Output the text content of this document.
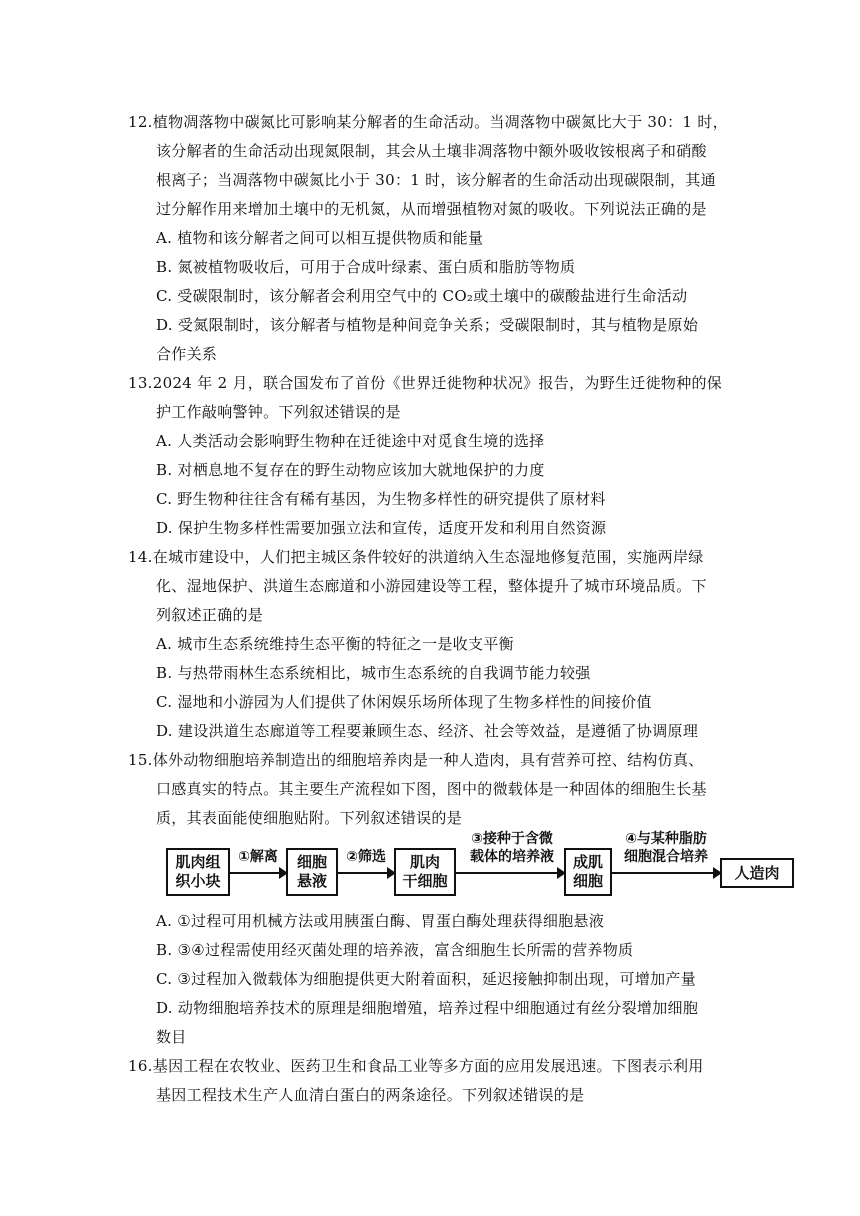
12.植物凋落物中碳氮比可影响某分解者的生命活动。当凋落物中碳氮比大于 30：1 时，
该分解者的生命活动出现氮限制，其会从土壤非凋落物中额外吸收铵根离子和硝酸
根离子；当凋落物中碳氮比小于 30：1 时，该分解者的生命活动出现碳限制，其通
过分解作用来增加土壤中的无机氮，从而增强植物对氮的吸收。下列说法正确的是
A. 植物和该分解者之间可以相互提供物质和能量
B. 氮被植物吸收后，可用于合成叶绿素、蛋白质和脂肪等物质
C. 受碳限制时，该分解者会利用空气中的 CO₂或土壤中的碳酸盐进行生命活动
D. 受氮限制时，该分解者与植物是种间竞争关系；受碳限制时，其与植物是原始
合作关系
13.2024 年 2 月，联合国发布了首份《世界迁徙物种状况》报告，为野生迁徙物种的保
护工作敲响警钟。下列叙述错误的是
A. 人类活动会影响野生物种在迁徙途中对觅食生境的选择
B. 对栖息地不复存在的野生动物应该加大就地保护的力度
C. 野生物种往往含有稀有基因，为生物多样性的研究提供了原材料
D. 保护生物多样性需要加强立法和宣传，适度开发和利用自然资源
14.在城市建设中，人们把主城区条件较好的洪道纳入生态湿地修复范围，实施两岸绿
化、湿地保护、洪道生态廊道和小游园建设等工程，整体提升了城市环境品质。下
列叙述正确的是
A. 城市生态系统维持生态平衡的特征之一是收支平衡
B. 与热带雨林生态系统相比，城市生态系统的自我调节能力较强
C. 湿地和小游园为人们提供了休闲娱乐场所体现了生物多样性的间接价值
D. 建设洪道生态廊道等工程要兼顾生态、经济、社会等效益，是遵循了协调原理
15.体外动物细胞培养制造出的细胞培养肉是一种人造肉，具有营养可控、结构仿真、
口感真实的特点。其主要生产流程如下图，图中的微载体是一种固体的细胞生长基
质，其表面能使细胞贴附。下列叙述错误的是
肌肉组
织小块
①解离	细胞
悬液
②筛选	肌肉
干细胞
③接种于含微
载体的培养液	成肌
细胞
④与某种脂肪
细胞混合培养
人造肉
A. ①过程可用机械方法或用胰蛋白酶、胃蛋白酶处理获得细胞悬液
B. ③④过程需使用经灭菌处理的培养液，富含细胞生长所需的营养物质
C. ③过程加入微载体为细胞提供更大附着面积，延迟接触抑制出现，可增加产量
D. 动物细胞培养技术的原理是细胞增殖，培养过程中细胞通过有丝分裂增加细胞
数目
16.基因工程在农牧业、医药卫生和食品工业等多方面的应用发展迅速。下图表示利用
基因工程技术生产人血清白蛋白的两条途径。下列叙述错误的是
